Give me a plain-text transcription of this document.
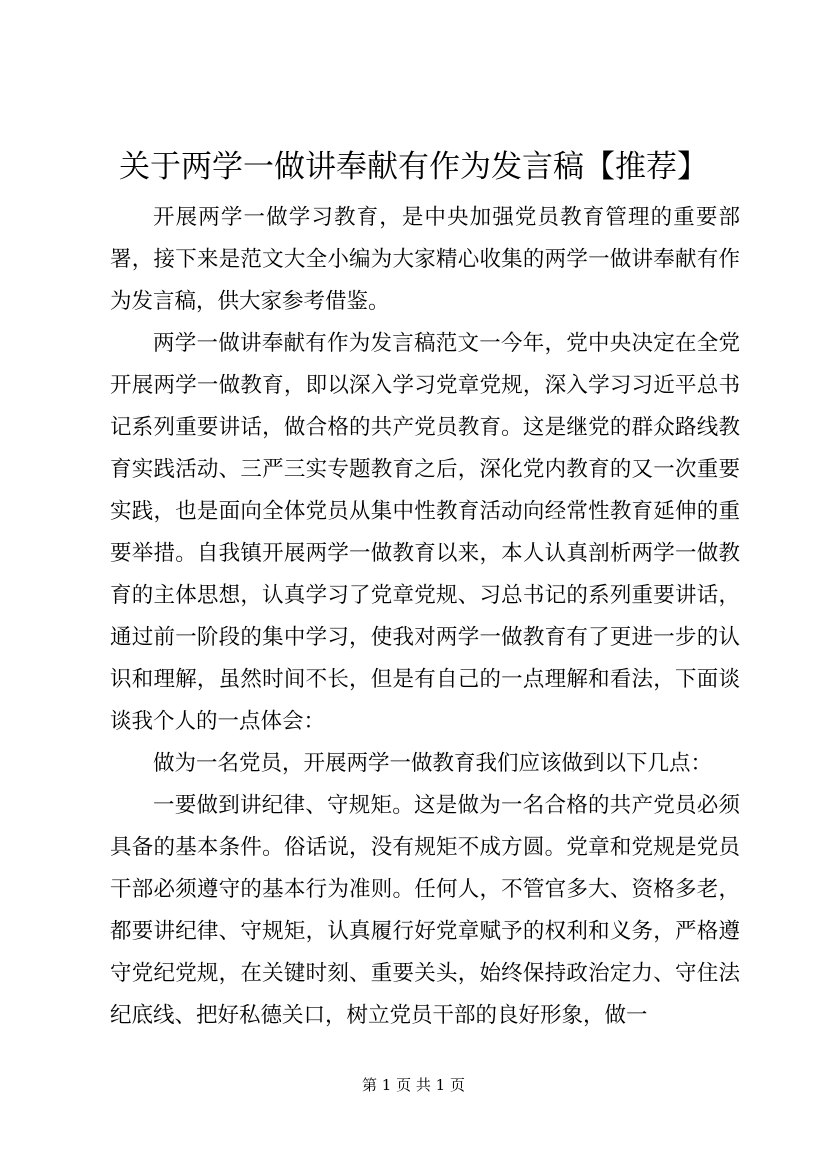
关于两学一做讲奉献有作为发言稿【推荐】

开展两学一做学习教育，是中央加强党员教育管理的重要部署，接下来是范文大全小编为大家精心收集的两学一做讲奉献有作为发言稿，供大家参考借鉴。

两学一做讲奉献有作为发言稿范文一今年，党中央决定在全党开展两学一做教育，即以深入学习党章党规，深入学习习近平总书记系列重要讲话，做合格的共产党员教育。这是继党的群众路线教育实践活动、三严三实专题教育之后，深化党内教育的又一次重要实践，也是面向全体党员从集中性教育活动向经常性教育延伸的重要举措。自我镇开展两学一做教育以来，本人认真剖析两学一做教育的主体思想，认真学习了党章党规、习总书记的系列重要讲话，通过前一阶段的集中学习，使我对两学一做教育有了更进一步的认识和理解，虽然时间不长，但是有自己的一点理解和看法，下面谈谈我个人的一点体会：

做为一名党员，开展两学一做教育我们应该做到以下几点：

一要做到讲纪律、守规矩。这是做为一名合格的共产党员必须具备的基本条件。俗话说，没有规矩不成方圆。党章和党规是党员干部必须遵守的基本行为准则。任何人，不管官多大、资格多老，都要讲纪律、守规矩，认真履行好党章赋予的权利和义务，严格遵守党纪党规，在关键时刻、重要关头，始终保持政治定力、守住法纪底线、把好私德关口，树立党员干部的良好形象，做一

第 1 页 共 1 页
